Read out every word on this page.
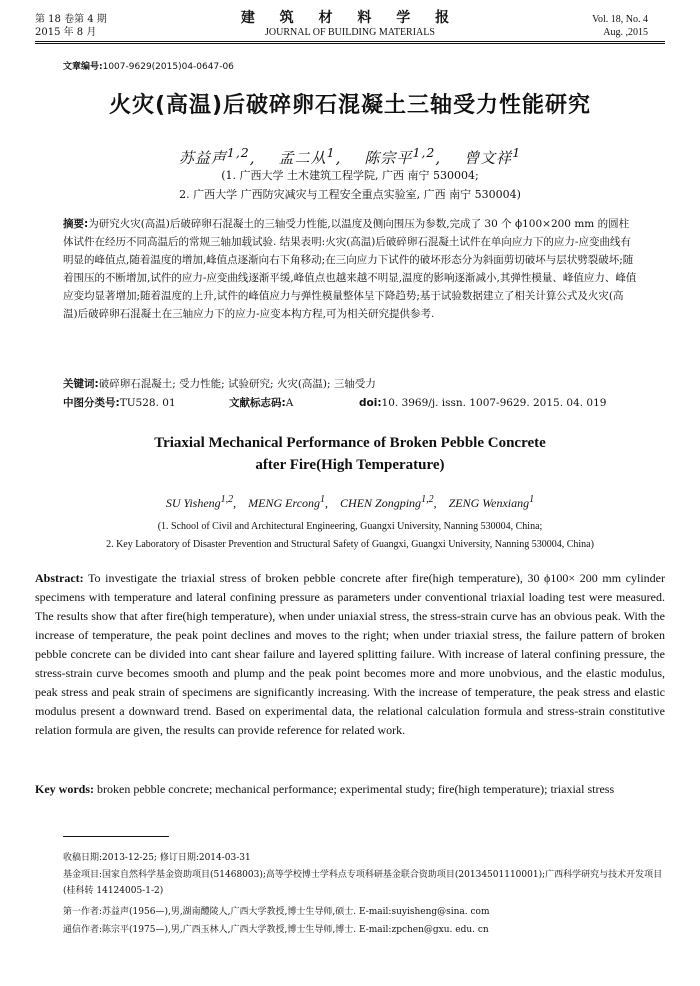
第 18 卷第 4 期
2015 年 8 月
建 筑 材 料 学 报
JOURNAL OF BUILDING MATERIALS
Vol. 18, No. 4
Aug. ,2015
文章编号:1007-9629(2015)04-0647-06
火灾(高温)后破碎卵石混凝土三轴受力性能研究
苏益声$^{1,2}$,    孟二从$^1$,    陈宗平$^{1,2}$,    曾文祥$^1$
(1. 广西大学 土木建筑工程学院, 广西 南宁 530004;
2. 广西大学 广西防灾减灾与工程安全重点实验室, 广西 南宁 530004)
摘要:为研究火灾(高温)后破碎卵石混凝土的三轴受力性能,以温度及侧向围压为参数,完成了 30 个 ϕ100×200 mm 的圆柱体试件在经历不同高温后的常规三轴加载试验. 结果表明:火灾(高温)后破碎卵石混凝土试件在单向应力下的应力-应变曲线有明显的峰值点,随着温度的增加,峰值点逐渐向右下角移动;在三向应力下试件的破坏形态分为斜面剪切破坏与层状劈裂破坏;随着围压的不断增加,试件的应力-应变曲线逐渐平缓,峰值点也越来越不明显,温度的影响逐渐减小,其弹性模量、峰值应力、峰值应变均显著增加;随着温度的上升,试件的峰值应力与弹性模量整体呈下降趋势;基于试验数据建立了相关计算公式及火灾(高温)后破碎卵石混凝土在三轴应力下的应力-应变本构方程,可为相关研究提供参考.
关键词:破碎卵石混凝土; 受力性能; 试验研究; 火灾(高温); 三轴受力
中图分类号:TU528. 01	文献标志码:A	doi:10. 3969/j. issn. 1007-9629. 2015. 04. 019
Triaxial Mechanical Performance of Broken Pebble Concrete
after Fire(High Temperature)
SU Yisheng$^{1,2}$,    MENG Ercong$^1$,    CHEN Zongping$^{1,2}$,    ZENG Wenxiang$^1$
(1. School of Civil and Architectural Engineering, Guangxi University, Nanning 530004, China;
2. Key Laboratory of Disaster Prevention and Structural Safety of Guangxi, Guangxi University, Nanning 530004, China)
Abstract: To investigate the triaxial stress of broken pebble concrete after fire(high temperature), 30 ϕ100× 200 mm cylinder specimens with temperature and lateral confining pressure as parameters under conventional triaxial loading test were measured. The results show that after fire(high temperature), when under uniaxial stress, the stress-strain curve has an obvious peak. With the increase of temperature, the peak point declines and moves to the right; when under triaxial stress, the failure pattern of broken pebble concrete can be divided into cant shear failure and layered splitting failure. With increase of lateral confining pressure, the stress-strain curve becomes smooth and plump and the peak point becomes more and more unobvious, and the elastic modulus, peak stress and peak strain of specimens are significantly increasing. With the increase of temperature, the peak stress and elastic modulus present a downward trend. Based on experimental data, the relational calculation formula and stress-strain constitutive relation formula are given, the results can provide reference for related work.
Key words: broken pebble concrete; mechanical performance; experimental study; fire(high temperature); triaxial stress
收稿日期:2013-12-25; 修订日期:2014-03-31
基金项目:国家自然科学基金资助项目(51468003);高等学校博士学科点专项科研基金联合资助项目(20134501110001);广西科学研究与技术开发项目(桂科转 14124005-1-2)
第一作者:苏益声(1956—),男,湖南醴陵人,广西大学教授,博士生导师,硕士. E-mail:suyisheng@sina. com
通信作者:陈宗平(1975—),男,广西玉林人,广西大学教授,博士生导师,博士. E-mail:zpchen@gxu. edu. cn
